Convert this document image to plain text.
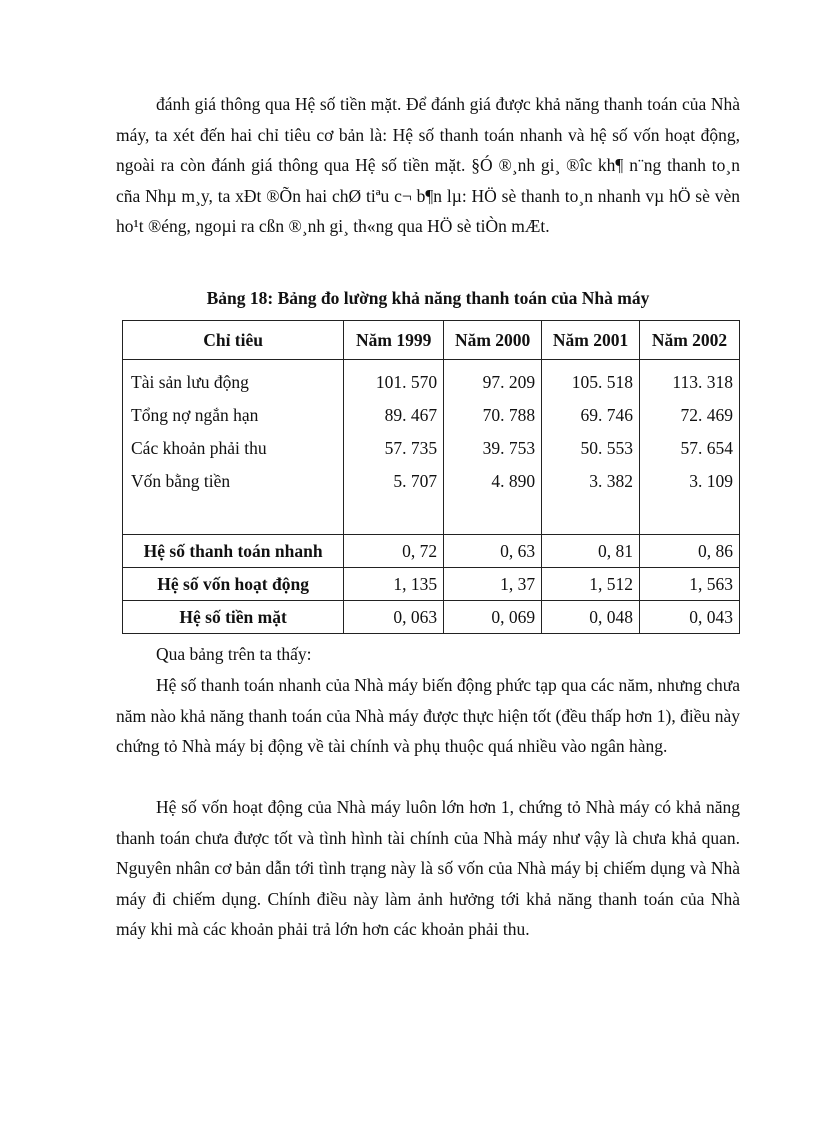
đánh giá thông qua Hệ số tiền mặt. Để đánh giá được khả năng thanh toán của Nhà máy, ta xét đến hai chỉ tiêu cơ bản là: Hệ số thanh toán nhanh và hệ số vốn hoạt động, ngoài ra còn đánh giá thông qua Hệ số tiền mặt. §Ó ®¸nh gi¸ ®îc kh¶ n¨ng thanh to¸n cña Nhµ m¸y, ta xÐt ®Õn hai chØ tiªu c¬ b¶n lµ: HÖ sè thanh to¸n nhanh vµ hÖ sè vèn ho¹t ®éng, ngoµi ra cßn ®¸nh gi¸ th«ng qua HÖ sè tiÒn mÆt.

Bảng 18: Bảng đo lường khả năng thanh toán của Nhà máy

Chỉ tiêu	Năm 1999	Năm 2000	Năm 2001	Năm 2002
Tài sản lưu động	101. 570	97. 209	105. 518	113. 318
Tổng nợ ngắn hạn	89. 467	70. 788	69. 746	72. 469
Các khoản phải thu	57. 735	39. 753	50. 553	57. 654
Vốn bằng tiền	5. 707	4. 890	3. 382	3. 109

Hệ số thanh toán nhanh	0, 72	0, 63	0, 81	0, 86
Hệ số vốn hoạt động	1, 135	1, 37	1, 512	1, 563
Hệ số tiền mặt	0, 063	0, 069	0, 048	0, 043

Qua bảng trên ta thấy:

Hệ số thanh toán nhanh của Nhà máy biến động phức tạp qua các năm, nhưng chưa năm nào khả năng thanh toán của Nhà máy được thực hiện tốt (đều thấp hơn 1), điều này chứng tỏ Nhà máy bị động về tài chính và phụ thuộc quá nhiều vào ngân hàng.

Hệ số vốn hoạt động của Nhà máy luôn lớn hơn 1, chứng tỏ Nhà máy có khả năng thanh toán chưa được tốt và tình hình tài chính của Nhà máy như vậy là chưa khả quan. Nguyên nhân cơ bản dẫn tới tình trạng này là số vốn của Nhà máy bị chiếm dụng và Nhà máy đi chiếm dụng. Chính điều này làm ảnh hưởng tới khả năng thanh toán của Nhà máy khi mà các khoản phải trả lớn hơn các khoản phải thu.
